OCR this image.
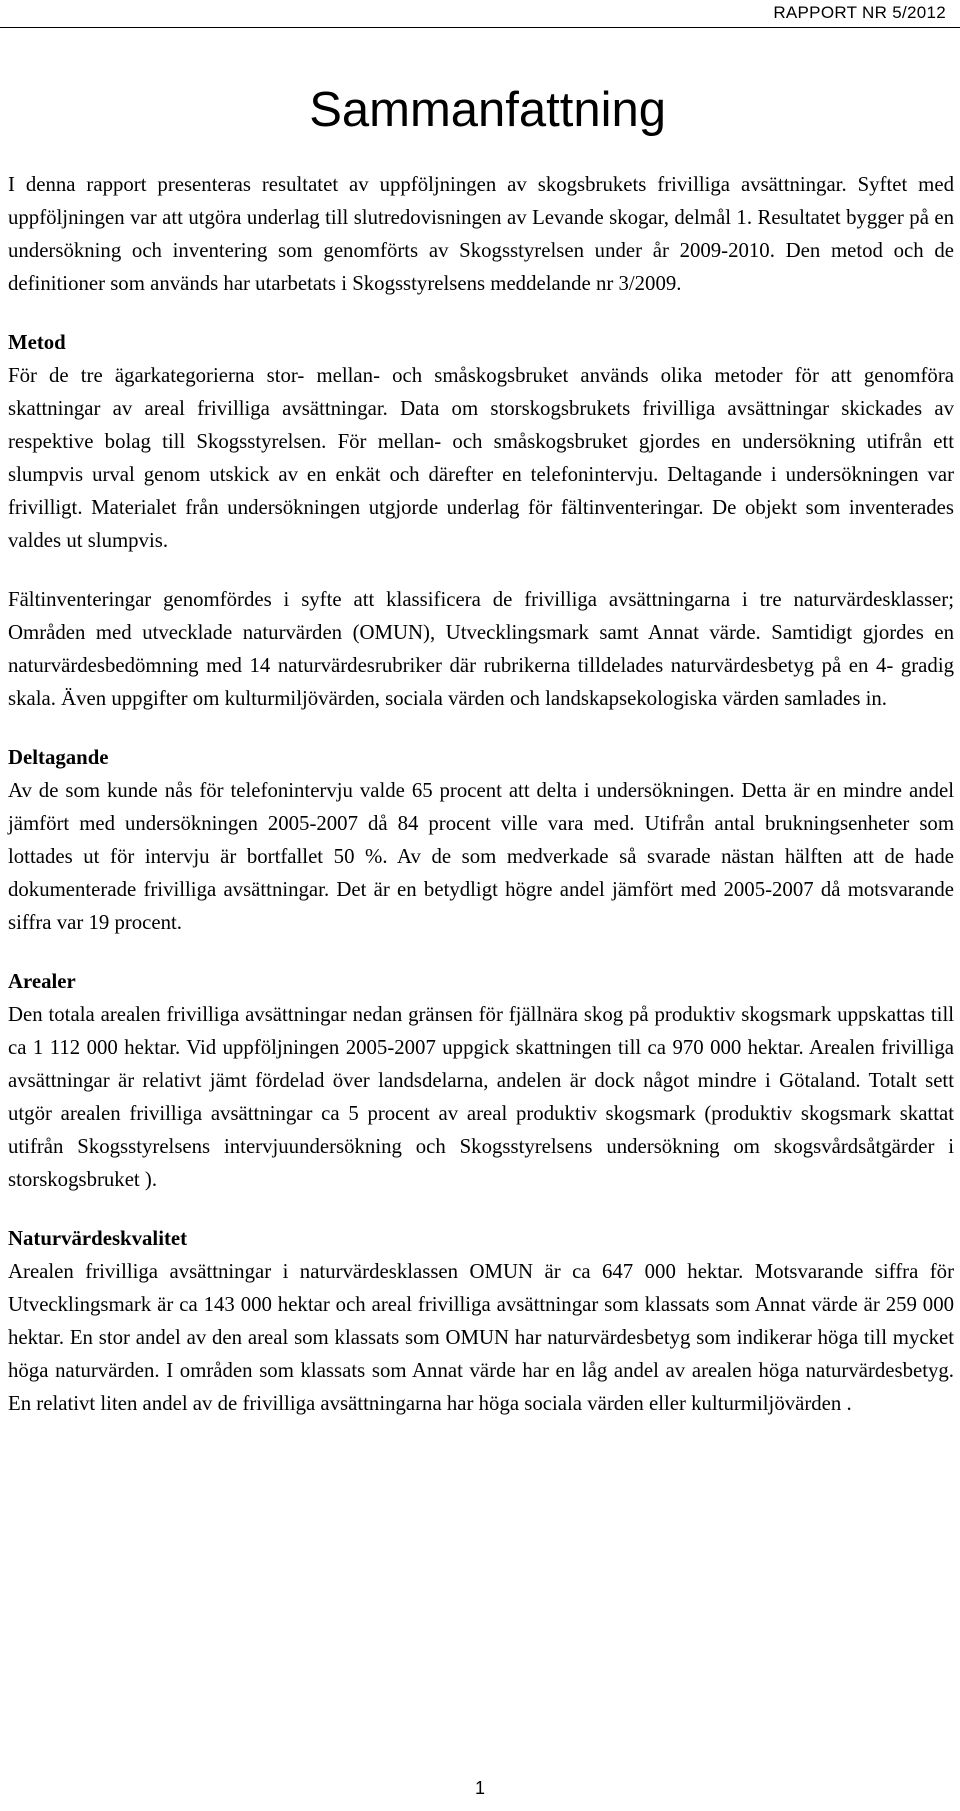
RAPPORT NR 5/2012
Sammanfattning

I denna rapport presenteras resultatet av uppföljningen av skogsbrukets frivilliga avsättningar. Syftet med uppföljningen var att utgöra underlag till slutredovisningen av Levande skogar, delmål 1. Resultatet bygger på en undersökning och inventering som genomförts av Skogsstyrelsen under år 2009-2010. Den metod och de definitioner som används har utarbetats i Skogsstyrelsens meddelande nr 3/2009.

Metod

För de tre ägarkategorierna stor- mellan- och småskogsbruket används olika metoder för att genomföra skattningar av areal frivilliga avsättningar. Data om storskogsbrukets frivilliga avsättningar skickades av respektive bolag till Skogsstyrelsen. För mellan- och småskogsbruket gjordes en undersökning utifrån ett slumpvis urval genom utskick av en enkät och därefter en telefonintervju. Deltagande i undersökningen var frivilligt. Materialet från undersökningen utgjorde underlag för fältinventeringar. De objekt som inventerades valdes ut slumpvis.

Fältinventeringar genomfördes i syfte att klassificera de frivilliga avsättningarna i tre naturvärdesklasser; Områden med utvecklade naturvärden (OMUN), Utvecklingsmark samt Annat värde. Samtidigt gjordes en naturvärdesbedömning med 14 naturvärdesrubriker där rubrikerna tilldelades naturvärdesbetyg på en 4- gradig skala. Även uppgifter om kulturmiljövärden, sociala värden och landskapsekologiska värden samlades in.

Deltagande

Av de som kunde nås för telefonintervju valde 65 procent att delta i undersökningen. Detta är en mindre andel jämfört med undersökningen 2005-2007 då 84 procent ville vara med. Utifrån antal brukningsenheter som lottades ut för intervju är bortfallet 50 %. Av de som medverkade så svarade nästan hälften att de hade dokumenterade frivilliga avsättningar. Det är en betydligt högre andel jämfört med 2005-2007 då motsvarande siffra var 19 procent.

Arealer

Den totala arealen frivilliga avsättningar nedan gränsen för fjällnära skog på produktiv skogsmark uppskattas till ca 1 112 000 hektar. Vid uppföljningen 2005-2007 uppgick skattningen till ca 970 000 hektar. Arealen frivilliga avsättningar är relativt jämt fördelad över landsdelarna, andelen är dock något mindre i Götaland. Totalt sett utgör arealen frivilliga avsättningar ca 5 procent av areal produktiv skogsmark (produktiv skogsmark skattat utifrån Skogsstyrelsens intervjuundersökning och Skogsstyrelsens undersökning om skogsvårdsåtgärder i storskogsbruket ).

Naturvärdeskvalitet

Arealen frivilliga avsättningar i naturvärdesklassen OMUN är ca 647 000 hektar. Motsvarande siffra för Utvecklingsmark är ca 143 000 hektar och areal frivilliga avsättningar som klassats som Annat värde är 259 000 hektar. En stor andel av den areal som klassats som OMUN har naturvärdesbetyg som indikerar höga till mycket höga naturvärden. I områden som klassats som Annat värde har en låg andel av arealen höga naturvärdesbetyg. En relativt liten andel av de frivilliga avsättningarna har höga sociala värden eller kulturmiljövärden .

1
